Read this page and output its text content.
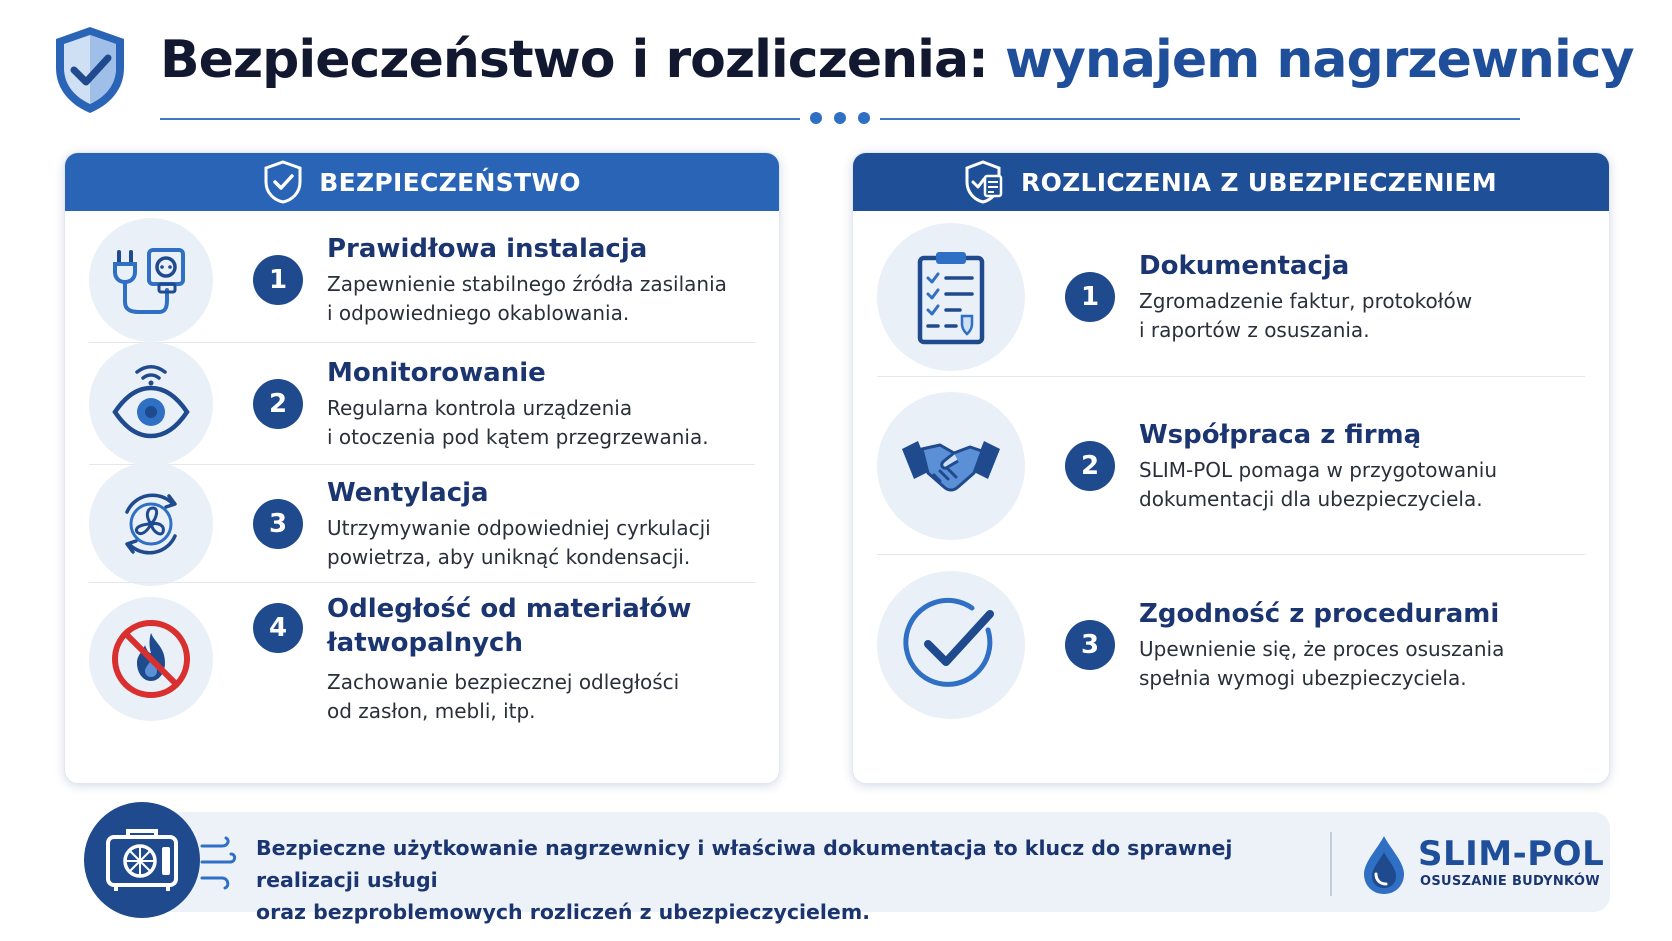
Bezpieczeństwo i rozliczenia: wynajem nagrzewnicy
BEZPIECZEŃSTWO
1
Prawidłowa instalacja
Zapewnienie stabilnego źródła zasilania
i odpowiedniego okablowania.
2
Monitorowanie
Regularna kontrola urządzenia
i otoczenia pod kątem przegrzewania.
3
Wentylacja
Utrzymywanie odpowiedniej cyrkulacji
powietrza, aby uniknąć kondensacji.
4
Odległość od materiałów
łatwopalnych
Zachowanie bezpiecznej odległości
od zasłon, mebli, itp.
ROZLICZENIA Z UBEZPIECZENIEM
1
Dokumentacja
Zgromadzenie faktur, protokołów
i raportów z osuszania.
2
Współpraca z firmą
SLIM-POL pomaga w przygotowaniu
dokumentacji dla ubezpieczyciela.
3
Zgodność z procedurami
Upewnienie się, że proces osuszania
spełnia wymogi ubezpieczyciela.
Bezpieczne użytkowanie nagrzewnicy i właściwa dokumentacja to klucz do sprawnej realizacji usługi
oraz bezproblemowych rozliczeń z ubezpieczycielem.
SLIM-POL
OSUSZANIE BUDYNKÓW
